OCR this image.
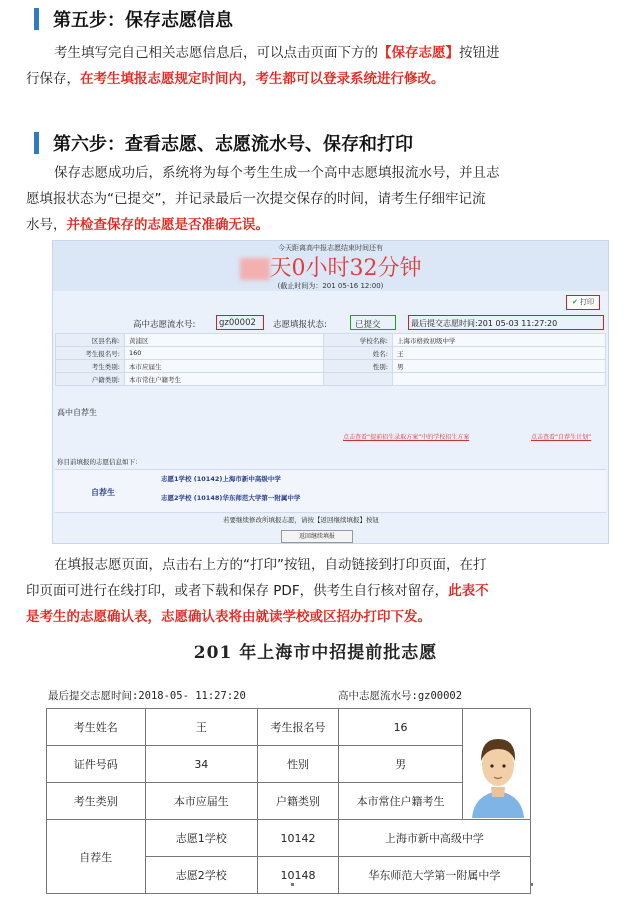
第五步：保存志愿信息
考生填写完自己相关志愿信息后，可以点击页面下方的【保存志愿】按钮进
行保存，在考生填报志愿规定时间内，考生都可以登录系统进行修改。
第六步：查看志愿、志愿流水号、保存和打印
保存志愿成功后，系统将为每个考生生成一个高中志愿填报流水号，并且志
愿填报状态为“已提交”，并记录最后一次提交保存的时间，请考生仔细牢记流
水号，并检查保存的志愿是否准确无误。
今天距离高中报志愿结束时间还有
天0小时32分钟
(截止时间为：201 05-16 12:00)
✔ 打印
高中志愿流水号:	gz00002 志愿填报状态:	已提交	最后提交志愿时间:201 05-03 11:27:20
区县名称:	黄浦区	学校名称:	上海市格致初级中学
考生报名号:	160	姓名:	王
考生类别:	本市应届生	性别:	男
户籍类别:	本市常住户籍考生		
高中自荐生
点击查看“提前招生录取方案”中的学校招生方案	点击查看“自荐生计划”
你目前填报的志愿信息如下：
自荐生
志愿1学校 (10142)上海市新中高级中学
志愿2学校 (10148)华东师范大学第一附属中学
若要继续修改所填报志愿，请按【返回继续填报】按钮
返回继续填报
在填报志愿页面，点击右上方的“打印”按钮，自动链接到打印页面，在打
印页面可进行在线打印，或者下载和保存 PDF，供考生自行核对留存，此表不
是考生的志愿确认表，志愿确认表将由就读学校或区招办打印下发。
201 年上海市中招提前批志愿
最后提交志愿时间:2018-05- 11:27:20	高中志愿流水号:gz00002
考生姓名	王	考生报名号	16	
证件号码	34	性别	男	
考生类别	本市应届生	户籍类别	本市常住户籍考生	
自荐生	志愿1学校	10142	上海市新中高级中学	
	志愿2学校	10148	华东师范大学第一附属中学	
